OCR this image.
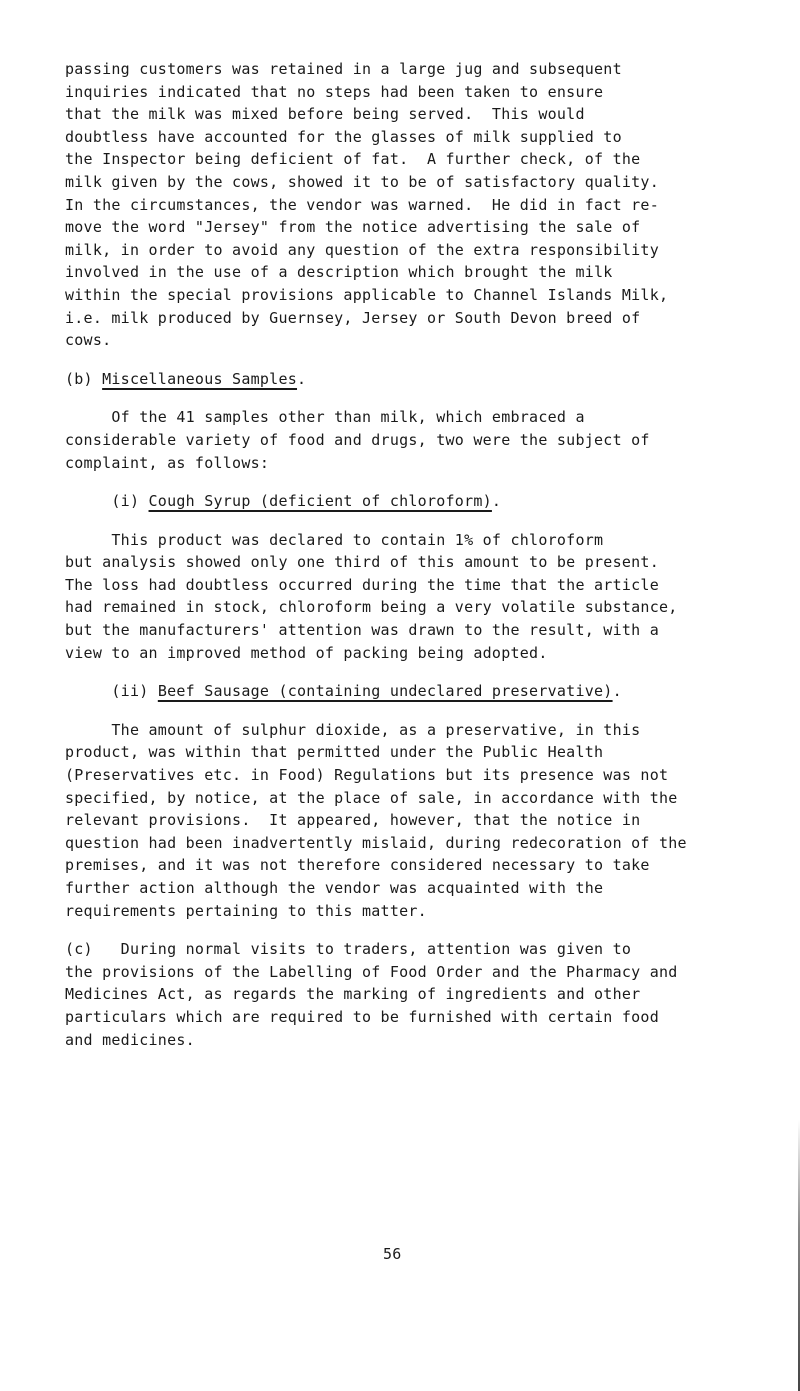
passing customers was retained in a large jug and subsequent
inquiries indicated that no steps had been taken to ensure
that the milk was mixed before being served.  This would
doubtless have accounted for the glasses of milk supplied to
the Inspector being deficient of fat.  A further check, of the
milk given by the cows, showed it to be of satisfactory quality.
In the circumstances, the vendor was warned.  He did in fact re-
move the word "Jersey" from the notice advertising the sale of
milk, in order to avoid any question of the extra responsibility
involved in the use of a description which brought the milk
within the special provisions applicable to Channel Islands Milk,
i.e. milk produced by Guernsey, Jersey or South Devon breed of
cows.
(b) Miscellaneous Samples.
Of the 41 samples other than milk, which embraced a
considerable variety of food and drugs, two were the subject of
complaint, as follows:
(i) Cough Syrup (deficient of chloroform).
This product was declared to contain 1% of chloroform
but analysis showed only one third of this amount to be present.
The loss had doubtless occurred during the time that the article
had remained in stock, chloroform being a very volatile substance,
but the manufacturers' attention was drawn to the result, with a
view to an improved method of packing being adopted.
(ii) Beef Sausage (containing undeclared preservative).
The amount of sulphur dioxide, as a preservative, in this
product, was within that permitted under the Public Health
(Preservatives etc. in Food) Regulations but its presence was not
specified, by notice, at the place of sale, in accordance with the
relevant provisions.  It appeared, however, that the notice in
question had been inadvertently mislaid, during redecoration of the
premises, and it was not therefore considered necessary to take
further action although the vendor was acquainted with the
requirements pertaining to this matter.
(c)   During normal visits to traders, attention was given to
the provisions of the Labelling of Food Order and the Pharmacy and
Medicines Act, as regards the marking of ingredients and other
particulars which are required to be furnished with certain food
and medicines.
56
